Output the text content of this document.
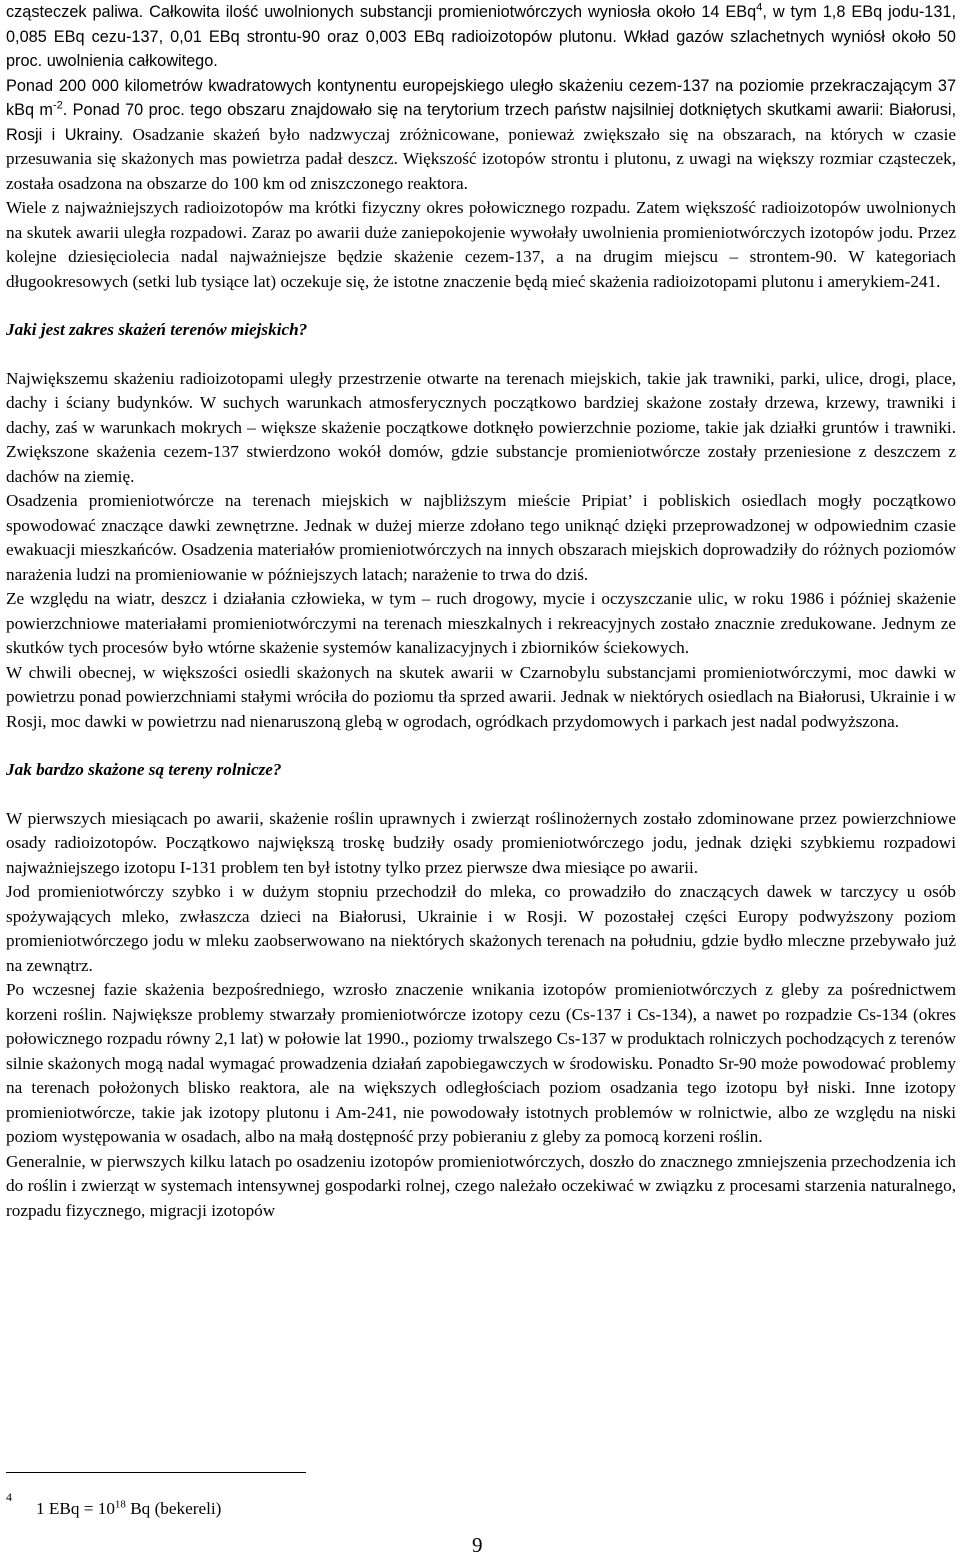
cząsteczek paliwa. Całkowita ilość uwolnionych substancji promieniotwórczych wyniosła około 14 EBq$^4$, w tym 1,8 EBq jodu-131, 0,085 EBq cezu-137, 0,01 EBq strontu-90 oraz 0,003 EBq radioizotopów plutonu. Wkład gazów szlachetnych wyniósł około 50 proc. uwolnienia całkowitego.

Ponad 200 000 kilometrów kwadratowych kontynentu europejskiego uległo skażeniu cezem-137 na poziomie przekraczającym 37 kBq $m^{-2}$. Ponad 70 proc. tego obszaru znajdowało się na terytorium trzech państw najsilniej dotkniętych skutkami awarii: Białorusi, Rosji i Ukrainy. Osadzanie skażeń było nadzwyczaj zróżnicowane, ponieważ zwiększało się na obszarach, na których w czasie przesuwania się skażonych mas powietrza padał deszcz. Większość izotopów strontu i plutonu, z uwagi na większy rozmiar cząsteczek, została osadzona na obszarze do 100 km od zniszczonego reaktora.

Wiele z najważniejszych radioizotopów ma krótki fizyczny okres połowicznego rozpadu. Zatem większość radioizotopów uwolnionych na skutek awarii uległa rozpadowi. Zaraz po awarii duże zaniepokojenie wywołały uwolnienia promieniotwórczych izotopów jodu. Przez kolejne dziesięciolecia nadal najważniejsze będzie skażenie cezem-137, a na drugim miejscu – strontem-90. W kategoriach długookresowych (setki lub tysiące lat) oczekuje się, że istotne znaczenie będą mieć skażenia radioizotopami plutonu i amerykiem-241.

Jaki jest zakres skażeń terenów miejskich?

Największemu skażeniu radioizotopami uległy przestrzenie otwarte na terenach miejskich, takie jak trawniki, parki, ulice, drogi, place, dachy i ściany budynków. W suchych warunkach atmosferycznych początkowo bardziej skażone zostały drzewa, krzewy, trawniki i dachy, zaś w warunkach mokrych – większe skażenie początkowe dotknęło powierzchnie poziome, takie jak działki gruntów i trawniki. Zwiększone skażenia cezem-137 stwierdzono wokół domów, gdzie substancje promieniotwórcze zostały przeniesione z deszczem z dachów na ziemię.

Osadzenia promieniotwórcze na terenach miejskich w najbliższym mieście Pripiat’ i pobliskich osiedlach mogły początkowo spowodować znaczące dawki zewnętrzne. Jednak w dużej mierze zdołano tego uniknąć dzięki przeprowadzonej w odpowiednim czasie ewakuacji mieszkańców. Osadzenia materiałów promieniotwórczych na innych obszarach miejskich doprowadziły do różnych poziomów narażenia ludzi na promieniowanie w późniejszych latach; narażenie to trwa do dziś.

Ze względu na wiatr, deszcz i działania człowieka, w tym – ruch drogowy, mycie i oczyszczanie ulic, w roku 1986 i później skażenie powierzchniowe materiałami promieniotwórczymi na terenach mieszkalnych i rekreacyjnych zostało znacznie zredukowane. Jednym ze skutków tych procesów było wtórne skażenie systemów kanalizacyjnych i zbiorników ściekowych.

W chwili obecnej, w większości osiedli skażonych na skutek awarii w Czarnobylu substancjami promieniotwórczymi, moc dawki w powietrzu ponad powierzchniami stałymi wróciła do poziomu tła sprzed awarii. Jednak w niektórych osiedlach na Białorusi, Ukrainie i w Rosji, moc dawki w powietrzu nad nienaruszoną glebą w ogrodach, ogródkach przydomowych i parkach jest nadal podwyższona.

Jak bardzo skażone są tereny rolnicze?

W pierwszych miesiącach po awarii, skażenie roślin uprawnych i zwierząt roślinożernych zostało zdominowane przez powierzchniowe osady radioizotopów. Początkowo największą troskę budziły osady promieniotwórczego jodu, jednak dzięki szybkiemu rozpadowi najważniejszego izotopu I-131 problem ten był istotny tylko przez pierwsze dwa miesiące po awarii.

Jod promieniotwórczy szybko i w dużym stopniu przechodził do mleka, co prowadziło do znaczących dawek w tarczycy u osób spożywających mleko, zwłaszcza dzieci na Białorusi, Ukrainie i w Rosji. W pozostałej części Europy podwyższony poziom promieniotwórczego jodu w mleku zaobserwowano na niektórych skażonych terenach na południu, gdzie bydło mleczne przebywało już na zewnątrz.

Po wczesnej fazie skażenia bezpośredniego, wzrosło znaczenie wnikania izotopów promieniotwórczych z gleby za pośrednictwem korzeni roślin. Największe problemy stwarzały promieniotwórcze izotopy cezu (Cs-137 i Cs-134), a nawet po rozpadzie Cs-134 (okres połowicznego rozpadu równy 2,1 lat) w połowie lat 1990., poziomy trwalszego Cs-137 w produktach rolniczych pochodzących z terenów silnie skażonych mogą nadal wymagać prowadzenia działań zapobiegawczych w środowisku. Ponadto Sr-90 może powodować problemy na terenach położonych blisko reaktora, ale na większych odległościach poziom osadzania tego izotopu był niski. Inne izotopy promieniotwórcze, takie jak izotopy plutonu i Am-241, nie powodowały istotnych problemów w rolnictwie, albo ze względu na niski poziom występowania w osadach, albo na małą dostępność przy pobieraniu z gleby za pomocą korzeni roślin.

Generalnie, w pierwszych kilku latach po osadzeniu izotopów promieniotwórczych, doszło do znacznego zmniejszenia przechodzenia ich do roślin i zwierząt w systemach intensywnej gospodarki rolnej, czego należało oczekiwać w związku z procesami starzenia naturalnego, rozpadu fizycznego, migracji izotopów

4
1 EBq = $10^{18}$ Bq (bekereli)
9
